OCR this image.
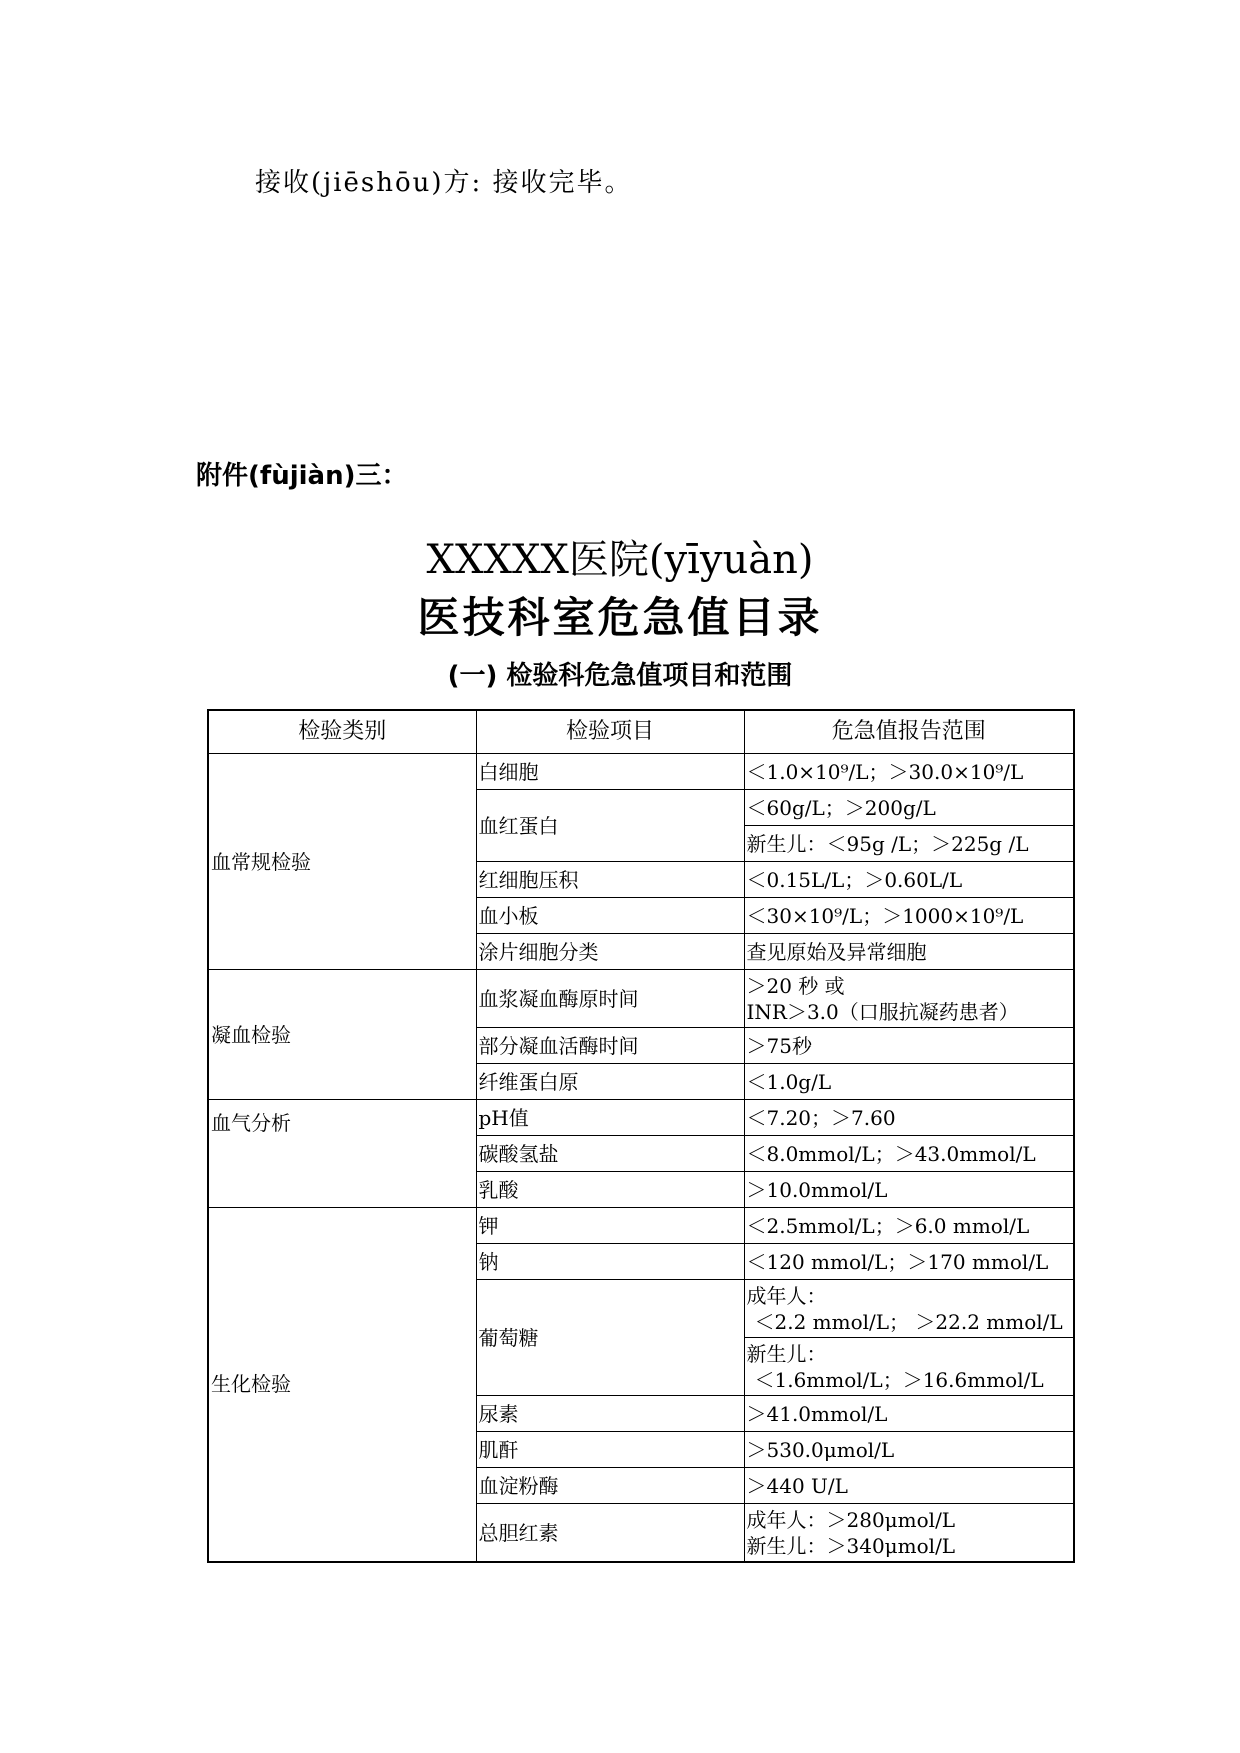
接收(jiēshōu)方: 接收完毕。
附件(fùjiàn)三：
XXXXX医院(yīyuàn)
医技科室危急值目录
(一) 检验科危急值项目和范围
检验类别	检验项目	危急值报告范围
血常规检验	白细胞	＜1.0×10⁹/L；＞30.0×10⁹/L
	血红蛋白	＜60g/L；＞200g/L
		新生儿：＜95g /L；＞225g /L
	红细胞压积	＜0.15L/L；＞0.60L/L
	血小板	＜30×10⁹/L；＞1000×10⁹/L
	涂片细胞分类	查见原始及异常细胞

凝血检验	血浆凝血酶原时间	＞20 秒 或
INR＞3.0（口服抗凝药患者）

	部分凝血活酶时间	＞75秒
	纤维蛋白原	＜1.0g/L
血气分析	pH值	＜7.20；＞7.60
	碳酸氢盐	＜8.0mmol/L；＞43.0mmol/L
	乳酸	＞10.0mmol/L
生化检验	钾	＜2.5mmol/L；＞6.0 mmol/L
	钠	＜120 mmol/L；＞170 mmol/L
	葡萄糖	成年人：
＜2.2 mmol/L； ＞22.2 mmol/L

		新生儿：
＜1.6mmol/L；＞16.6mmol/L

	尿素	＞41.0mmol/L
	肌酐	＞530.0μmol/L
	血淀粉酶	＞440 U/L
	总胆红素	成年人：＞280μmol/L
新生儿：＞340μmol/L
